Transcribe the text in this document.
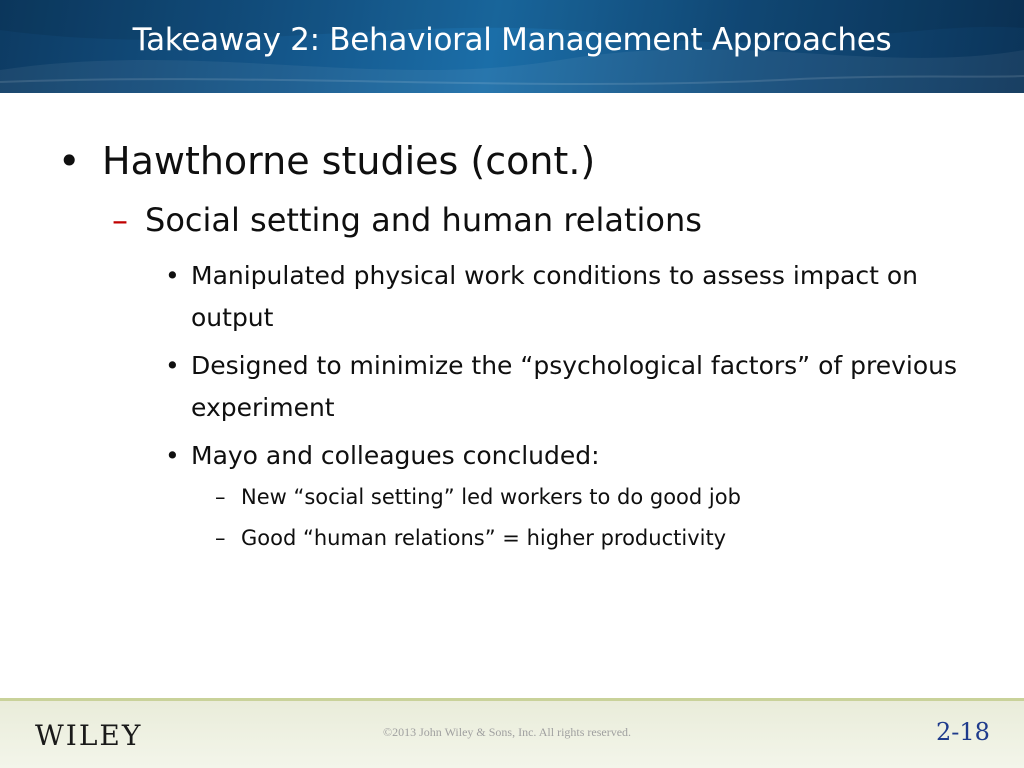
Takeaway 2: Behavioral Management Approaches
• Hawthorne studies (cont.)
– Social setting and human relations
• Manipulated physical work conditions to assess impact on output
• Designed to minimize the “psychological factors” of previous experiment
• Mayo and colleagues concluded:
– New “social setting” led workers to do good job
– Good “human relations” = higher productivity
WILEY	©2013 John Wiley & Sons, Inc. All rights reserved.	2-18
